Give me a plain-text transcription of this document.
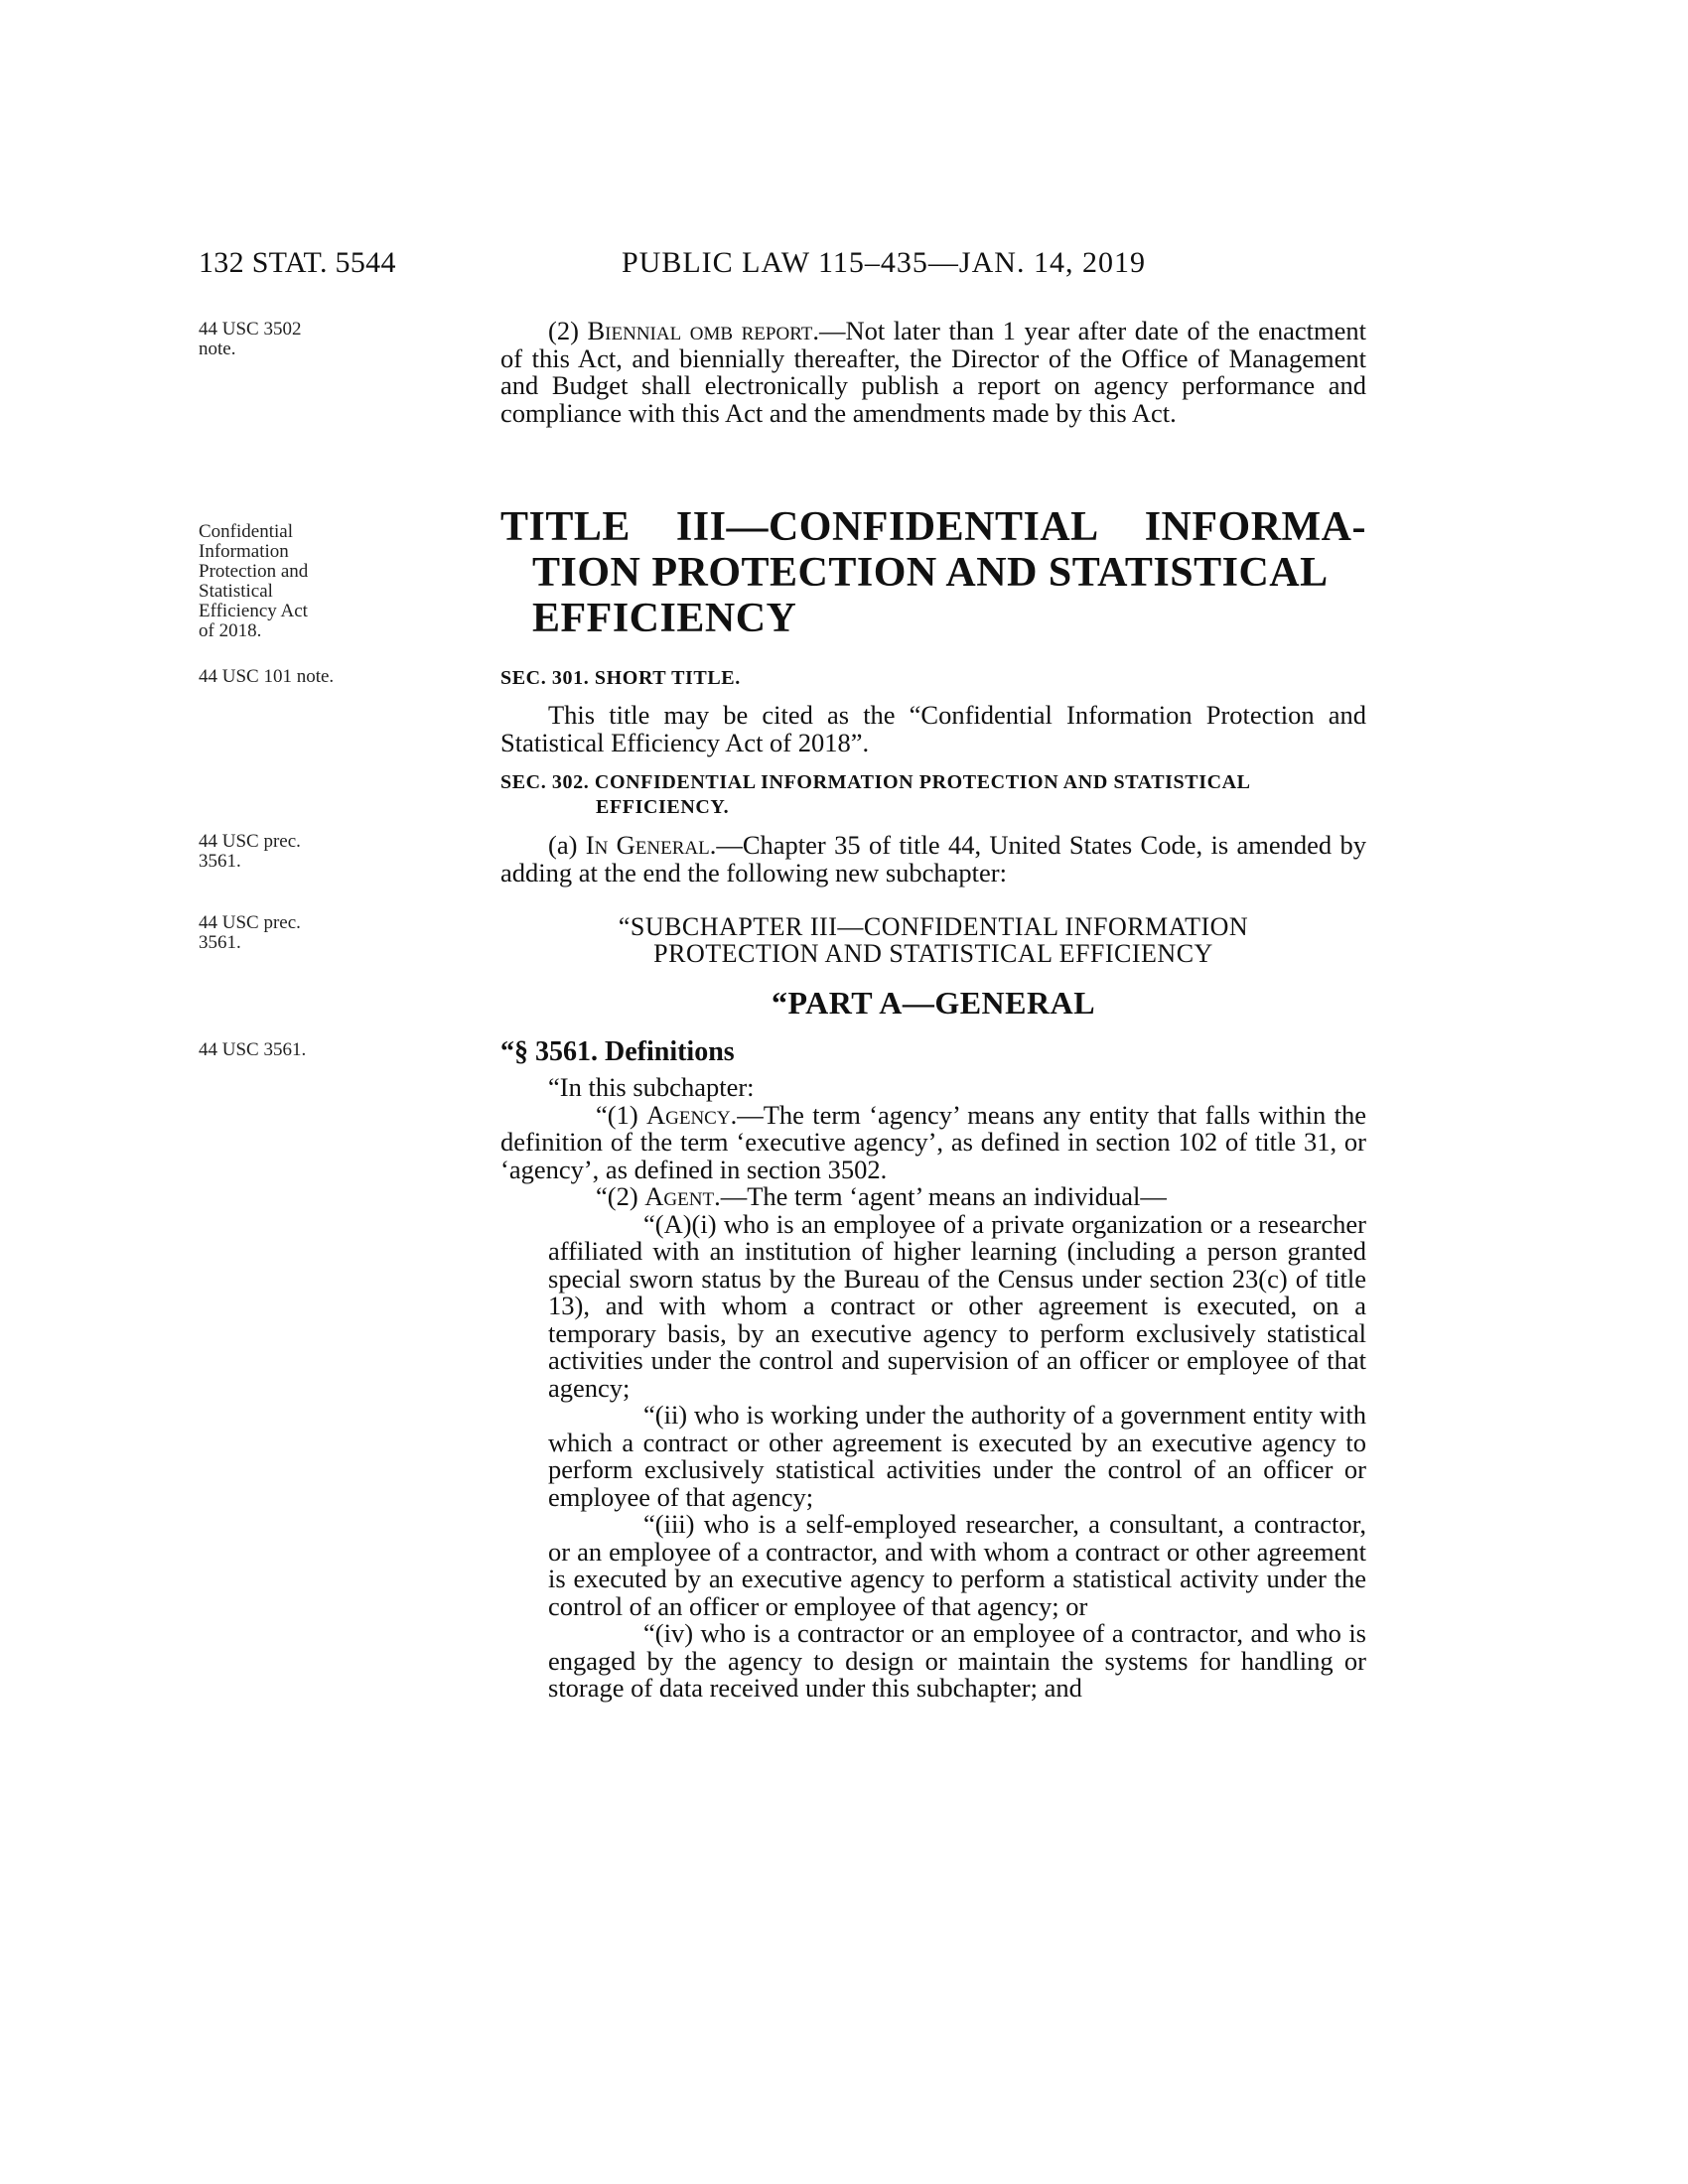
132 STAT. 5544	PUBLIC LAW 115–435—JAN. 14, 2019
44 USC 3502 note.
Confidential Information Protection and Statistical Efficiency Act of 2018.
44 USC 101 note.
44 USC prec. 3561.
44 USC prec. 3561.
44 USC 3561.

(2) Biennial omb report.—Not later than 1 year after date of the enactment of this Act, and biennially thereafter, the Director of the Office of Management and Budget shall electronically publish a report on agency performance and compliance with this Act and the amendments made by this Act.

TITLE III—CONFIDENTIAL INFORMA-
TION PROTECTION AND STATISTICAL
EFFICIENCY
SEC. 301. SHORT TITLE.

This title may be cited as the “Confidential Information Protection and Statistical Efficiency Act of 2018”.

SEC. 302. CONFIDENTIAL INFORMATION PROTECTION AND STATISTICAL EFFICIENCY.

(a) In General.—Chapter 35 of title 44, United States Code, is amended by adding at the end the following new subchapter:

“SUBCHAPTER III—CONFIDENTIAL INFORMATION
PROTECTION AND STATISTICAL EFFICIENCY
“PART A—GENERAL
“§ 3561. Definitions

“In this subchapter:

“(1) Agency.—The term ‘agency’ means any entity that falls within the definition of the term ‘executive agency’, as defined in section 102 of title 31, or ‘agency’, as defined in section 3502.

“(2) Agent.—The term ‘agent’ means an individual—

“(A)(i) who is an employee of a private organization or a researcher affiliated with an institution of higher learning (including a person granted special sworn status by the Bureau of the Census under section 23(c) of title 13), and with whom a contract or other agreement is executed, on a temporary basis, by an executive agency to perform exclusively statistical activities under the control and supervision of an officer or employee of that agency;

“(ii) who is working under the authority of a government entity with which a contract or other agreement is executed by an executive agency to perform exclusively statistical activities under the control of an officer or employee of that agency;

“(iii) who is a self-employed researcher, a consultant, a contractor, or an employee of a contractor, and with whom a contract or other agreement is executed by an executive agency to perform a statistical activity under the control of an officer or employee of that agency; or

“(iv) who is a contractor or an employee of a contractor, and who is engaged by the agency to design or maintain the systems for handling or storage of data received under this subchapter; and
